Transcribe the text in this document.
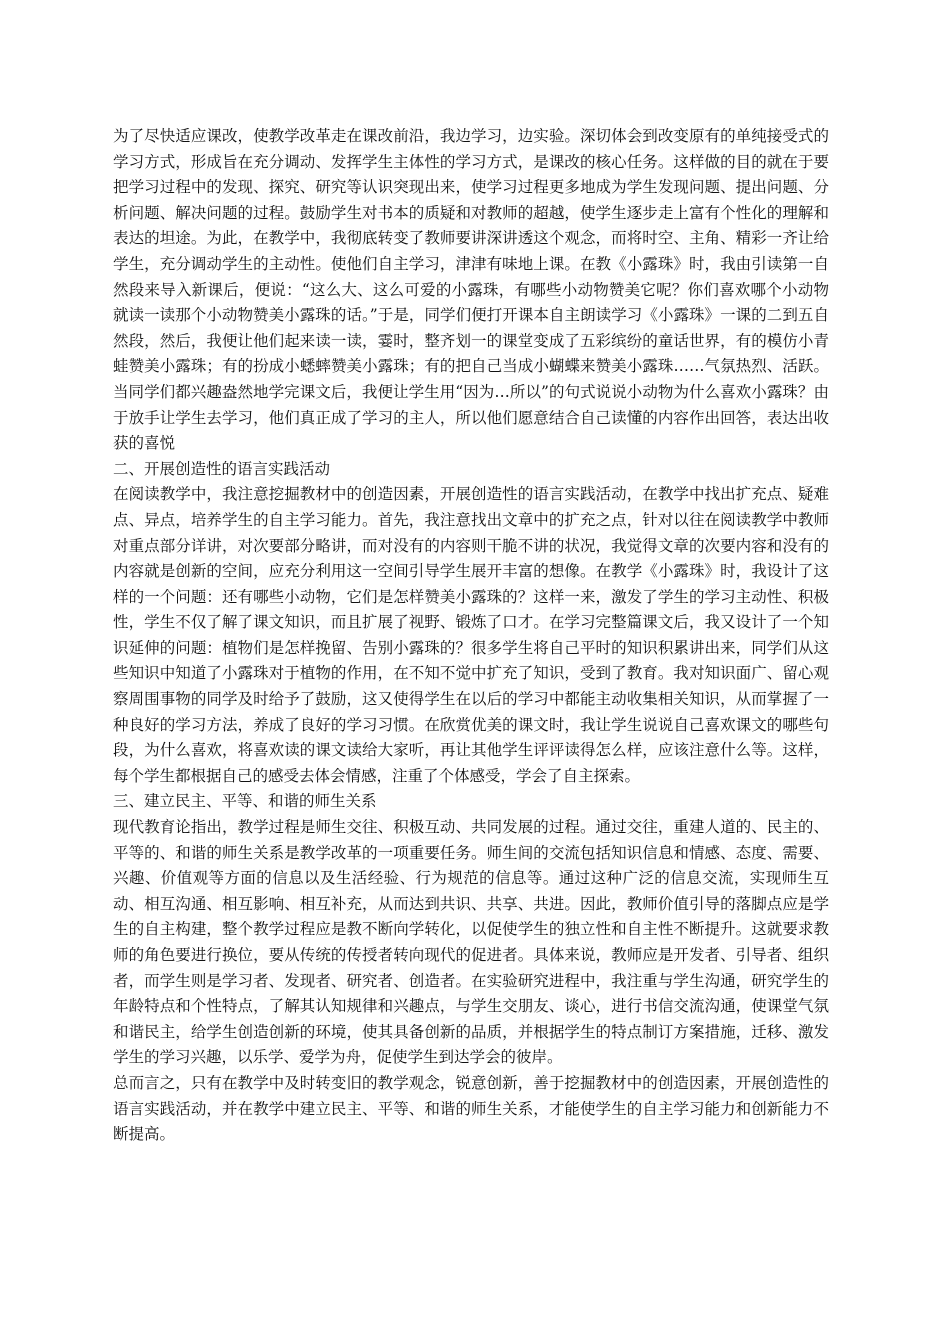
为了尽快适应课改，使教学改革走在课改前沿，我边学习，边实验。深切体会到改变原有的单纯接受式的学习方式，形成旨在充分调动、发挥学生主体性的学习方式，是课改的核心任务。这样做的目的就在于要把学习过程中的发现、探究、研究等认识突现出来，使学习过程更多地成为学生发现问题、提出问题、分析问题、解决问题的过程。鼓励学生对书本的质疑和对教师的超越，使学生逐步走上富有个性化的理解和表达的坦途。为此，在教学中，我彻底转变了教师要讲深讲透这个观念，而将时空、主角、精彩一齐让给学生，充分调动学生的主动性。使他们自主学习，津津有味地上课。在教《小露珠》时，我由引读第一自然段来导入新课后，便说：“这么大、这么可爱的小露珠，有哪些小动物赞美它呢？你们喜欢哪个小动物就读一读那个小动物赞美小露珠的话。”于是，同学们便打开课本自主朗读学习《小露珠》一课的二到五自然段，然后，我便让他们起来读一读，霎时，整齐划一的课堂变成了五彩缤纷的童话世界，有的模仿小青蛙赞美小露珠；有的扮成小蟋蟀赞美小露珠；有的把自己当成小蝴蝶来赞美小露珠……气氛热烈、活跃。当同学们都兴趣盎然地学完课文后，我便让学生用“因为…所以”的句式说说小动物为什么喜欢小露珠？由于放手让学生去学习，他们真正成了学习的主人，所以他们愿意结合自己读懂的内容作出回答，表达出收获的喜悦

二、开展创造性的语言实践活动

在阅读教学中，我注意挖掘教材中的创造因素，开展创造性的语言实践活动，在教学中找出扩充点、疑难点、异点，培养学生的自主学习能力。首先，我注意找出文章中的扩充之点，针对以往在阅读教学中教师对重点部分详讲，对次要部分略讲，而对没有的内容则干脆不讲的状况，我觉得文章的次要内容和没有的内容就是创新的空间，应充分利用这一空间引导学生展开丰富的想像。在教学《小露珠》时，我设计了这样的一个问题：还有哪些小动物，它们是怎样赞美小露珠的？这样一来，激发了学生的学习主动性、积极性，学生不仅了解了课文知识，而且扩展了视野、锻炼了口才。在学习完整篇课文后，我又设计了一个知识延伸的问题：植物们是怎样挽留、告别小露珠的？很多学生将自己平时的知识积累讲出来，同学们从这些知识中知道了小露珠对于植物的作用，在不知不觉中扩充了知识，受到了教育。我对知识面广、留心观察周围事物的同学及时给予了鼓励，这又使得学生在以后的学习中都能主动收集相关知识，从而掌握了一种良好的学习方法，养成了良好的学习习惯。在欣赏优美的课文时，我让学生说说自己喜欢课文的哪些句段，为什么喜欢，将喜欢读的课文读给大家听，再让其他学生评评读得怎么样，应该注意什么等。这样，每个学生都根据自己的感受去体会情感，注重了个体感受，学会了自主探索。

三、建立民主、平等、和谐的师生关系

现代教育论指出，教学过程是师生交往、积极互动、共同发展的过程。通过交往，重建人道的、民主的、平等的、和谐的师生关系是教学改革的一项重要任务。师生间的交流包括知识信息和情感、态度、需要、兴趣、价值观等方面的信息以及生活经验、行为规范的信息等。通过这种广泛的信息交流，实现师生互动、相互沟通、相互影响、相互补充，从而达到共识、共享、共进。因此，教师价值引导的落脚点应是学生的自主构建，整个教学过程应是教不断向学转化，以促使学生的独立性和自主性不断提升。这就要求教师的角色要进行换位，要从传统的传授者转向现代的促进者。具体来说，教师应是开发者、引导者、组织者，而学生则是学习者、发现者、研究者、创造者。在实验研究进程中，我注重与学生沟通，研究学生的年龄特点和个性特点，了解其认知规律和兴趣点，与学生交朋友、谈心，进行书信交流沟通，使课堂气氛和谐民主，给学生创造创新的环境，使其具备创新的品质，并根据学生的特点制订方案措施，迁移、激发学生的学习兴趣，以乐学、爱学为舟，促使学生到达学会的彼岸。

总而言之，只有在教学中及时转变旧的教学观念，锐意创新，善于挖掘教材中的创造因素，开展创造性的语言实践活动，并在教学中建立民主、平等、和谐的师生关系，才能使学生的自主学习能力和创新能力不断提高。
